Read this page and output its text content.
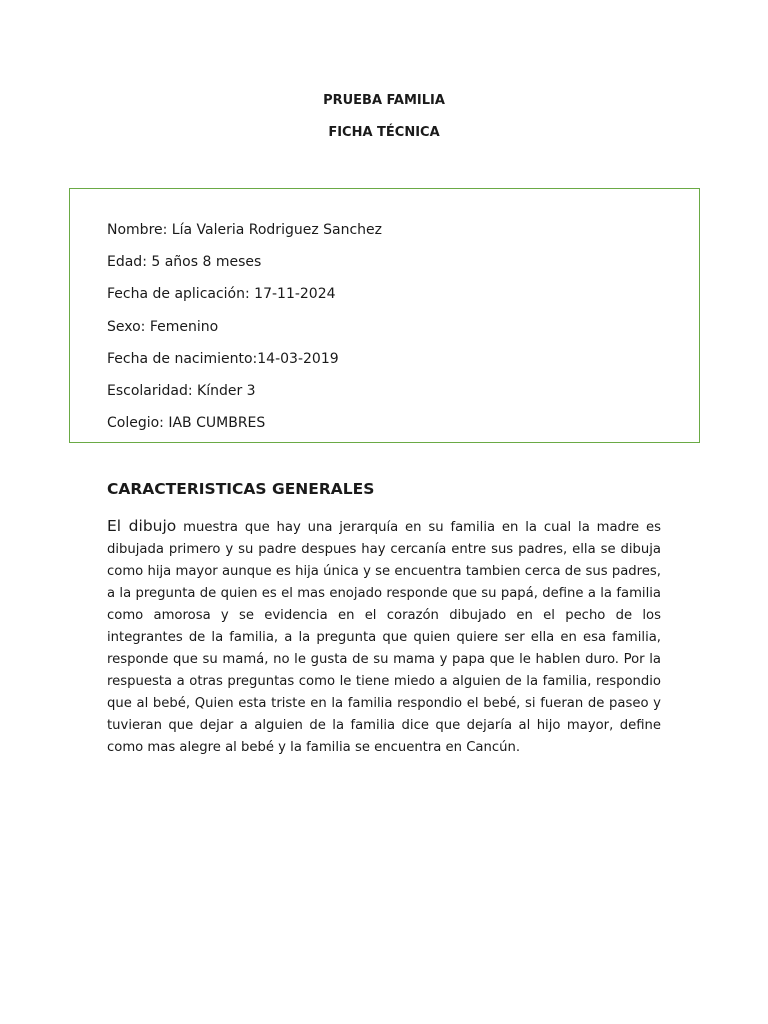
PRUEBA FAMILIA
FICHA TÉCNICA
Nombre: Lía Valeria Rodriguez Sanchez
Edad: 5 años 8 meses
Fecha de aplicación: 17-11-2024
Sexo: Femenino
Fecha de nacimiento:14-03-2019
Escolaridad: Kínder 3
Colegio: IAB CUMBRES
CARACTERISTICAS GENERALES

El dibujo muestra que hay una jerarquía en su familia en la cual la madre es dibujada primero y su padre despues hay cercanía entre sus padres, ella se dibuja como hija mayor aunque es hija única y se encuentra tambien cerca de sus padres, a la pregunta de quien es el mas enojado responde que su papá, define a la familia como amorosa y se evidencia en el corazón dibujado en el pecho de los integrantes de la familia, a la pregunta que quien quiere ser ella en esa familia, responde que su mamá, no le gusta de su mama y papa que le hablen duro. Por la respuesta a otras preguntas como le tiene miedo a alguien de la familia, respondio que al bebé, Quien esta triste en la familia respondio el bebé, si fueran de paseo y tuvieran que dejar a alguien de la familia dice que dejaría al hijo mayor, define como mas alegre al bebé y la familia se encuentra en Cancún.
